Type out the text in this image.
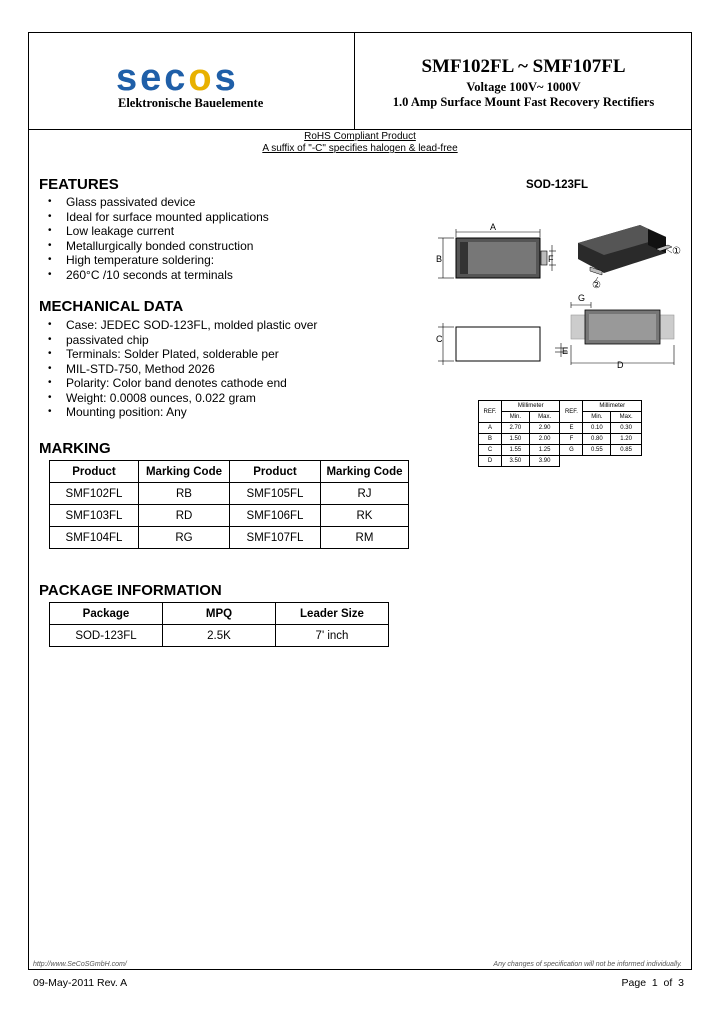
secos
Elektronische Bauelemente
SMF102FL ~ SMF107FL
Voltage 100V~ 1000V
1.0 Amp Surface Mount Fast Recovery Rectifiers
RoHS Compliant Product
A suffix of "-C" specifies halogen & lead-free
FEATURES
• Glass passivated device
• Ideal for surface mounted applications
• Low leakage current
• Metallurgically bonded construction
• High temperature soldering:
• 260°C /10 seconds at terminals
MECHANICAL DATA
• Case: JEDEC SOD-123FL, molded plastic over
• passivated chip
• Terminals: Solder Plated, solderable per
• MIL-STD-750, Method 2026
• Polarity: Color band denotes cathode end
• Weight: 0.0008 ounces, 0.022 gram
• Mounting position: Any
SOD-123FL
A
B	F
①
②
G
C
E
D
REF.	Millimeter		REF.	Millimeter	
	Min.	Max.		Min.	Max.
A	2.70	2.90	E	0.10	0.30
B	1.50	2.00	F	0.80	1.20
C	1.55	1.25	G	0.55	0.85
D	3.50	3.90			
MARKING
Product	Marking Code	Product	Marking Code
SMF102FL	RB	SMF105FL	RJ
SMF103FL	RD	SMF106FL	RK
SMF104FL	RG	SMF107FL	RM
PACKAGE INFORMATION
Package	MPQ	Leader Size
SOD-123FL	2.5K	7' inch
http://www.SeCoSGmbH.com/	Any changes of specification will not be informed individually.
09-May-2011 Rev. A	Page  1  of  3
